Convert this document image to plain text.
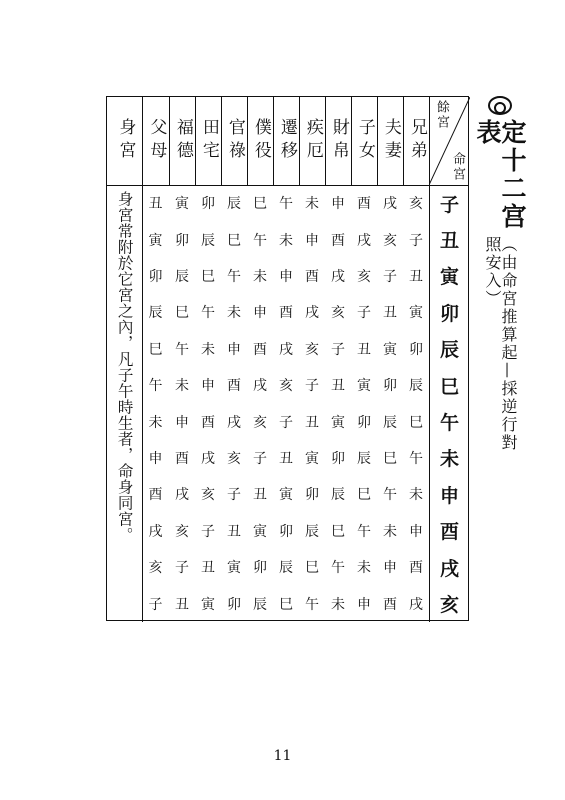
定十二宫表
︵由命宮推算起—採逆行對照安入︶
餘宮
命宮
兄弟
夫妻
子女
財帛
疾厄
遷移
僕役
官祿
田宅
福德
父母
身宮
子
丑
寅
卯
辰
巳
午
未
申
酉
戌
亥
亥
子
丑
寅
卯
辰
巳
午
未
申
酉
戌
戌
亥
子
丑
寅
卯
辰
巳
午
未
申
酉
酉
戌
亥
子
丑
寅
卯
辰
巳
午
未
申
申
酉
戌
亥
子
丑
寅
卯
辰
巳
午
未
未
申
酉
戌
亥
子
丑
寅
卯
辰
巳
午
午
未
申
酉
戌
亥
子
丑
寅
卯
辰
巳
巳
午
未
申
酉
戌
亥
子
丑
寅
卯
辰
辰
巳
午
未
申
酉
戌
亥
子
丑
寅
卯
卯
辰
巳
午
未
申
酉
戌
亥
子
丑
寅
寅
卯
辰
巳
午
未
申
酉
戌
亥
子
丑
丑
寅
卯
辰
巳
午
未
申
酉
戌
亥
子
身宮常附於它宮之內，凡子午時生者，命身同宮。
11
